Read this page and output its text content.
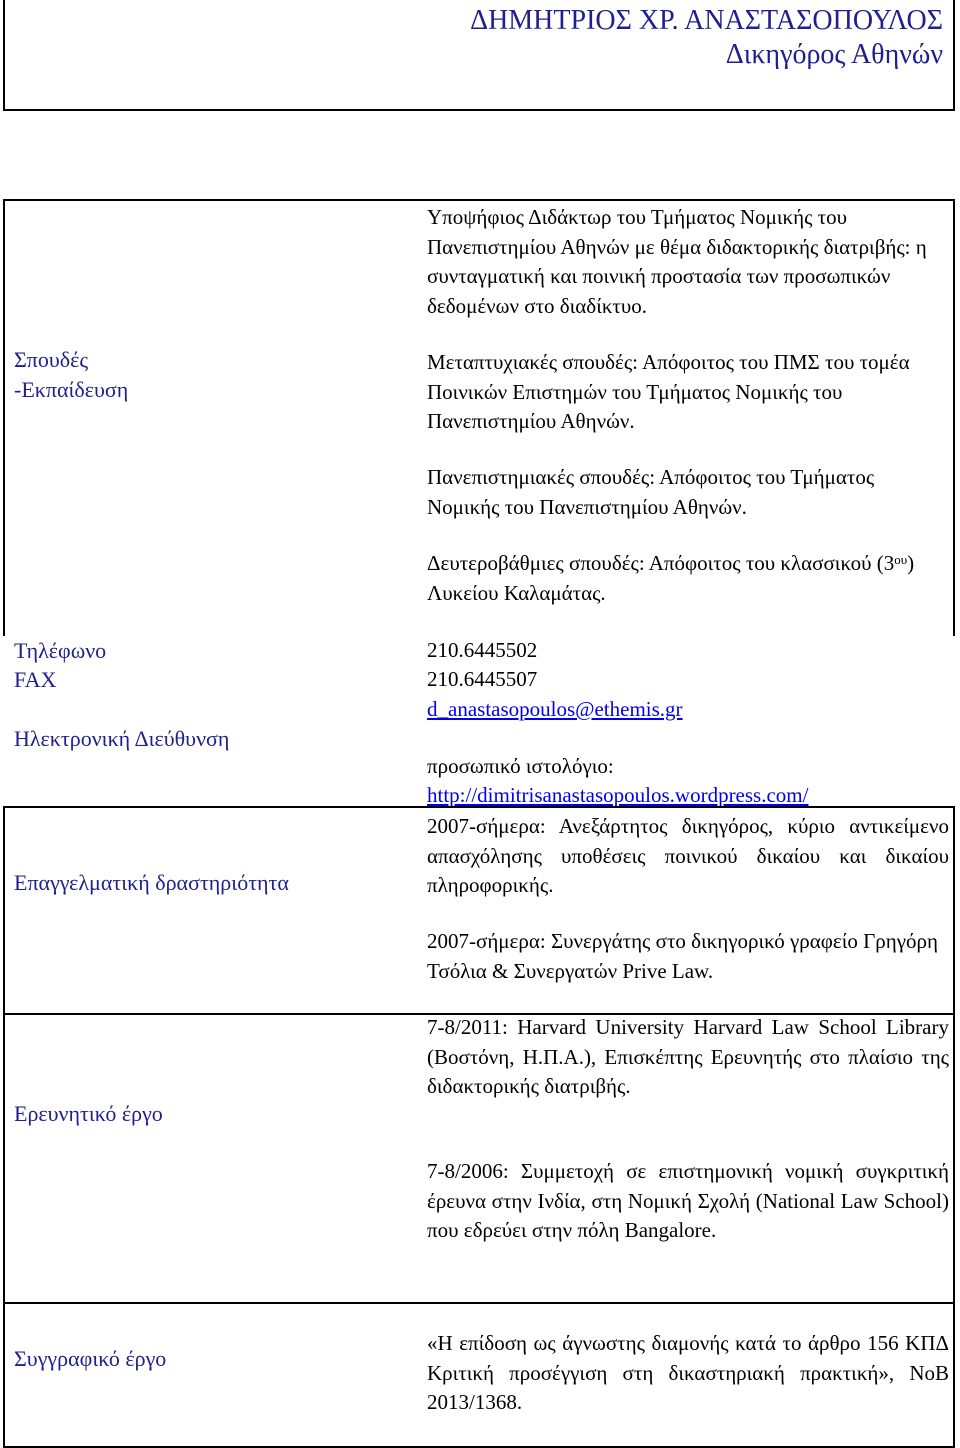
ΔΗΜΗΤΡΙΟΣ ΧΡ. ΑΝΑΣΤΑΣΟΠΟΥΛΟΣ
Δικηγόρος Αθηνών
Σπουδές
-Εκπαίδευση

Υποψήφιος Διδάκτωρ του Τμήματος Νομικής του Πανεπιστημίου Αθηνών με θέμα διδακτορικής διατριβής: η συνταγματική και ποινική προστασία των προσωπικών δεδομένων στο διαδίκτυο.

Μεταπτυχιακές σπουδές: Απόφοιτος του ΠΜΣ του τομέα Ποινικών Επιστημών του Τμήματος Νομικής του Πανεπιστημίου Αθηνών.

Πανεπιστημιακές σπουδές: Απόφοιτος του Τμήματος Νομικής του Πανεπιστημίου Αθηνών.

Δευτεροβάθμιες σπουδές: Απόφοιτος του κλασσικού $(3^{o\upsilon})$ Λυκείου Καλαμάτας.

Τηλέφωνο	210.6445502
FAX	210.6445507
Ηλεκτρονική Διεύθυνση
d_anastasopoulos@ethemis.gr
προσωπικό ιστολόγιο:
http://dimitrisanastasopoulos.wordpress.com/
Επαγγελματική δραστηριότητα

2007-σήμερα: Ανεξάρτητος δικηγόρος, κύριο αντικείμενο απασχόλησης υποθέσεις ποινικού δικαίου και δικαίου πληροφορικής.

2007-σήμερα: Συνεργάτης στο δικηγορικό γραφείο Γρηγόρη Τσόλια & Συνεργατών Prive Law.

Ερευνητικό έργο

7-8/2011: Harvard University Harvard Law School Library (Βοστόνη, Η.Π.Α.), Επισκέπτης Ερευνητής στο πλαίσιο της διδακτορικής διατριβής.

7-8/2006: Συμμετοχή σε επιστημονική νομική συγκριτική έρευνα στην Ινδία, στη Νομική Σχολή (National Law School) που εδρεύει στην πόλη Bangalore.

Συγγραφικό έργο

«Η επίδοση ως άγνωστης διαμονής κατά το άρθρο 156 ΚΠΔ Κριτική προσέγγιση στη δικαστηριακή πρακτική», ΝοΒ 2013/1368.
